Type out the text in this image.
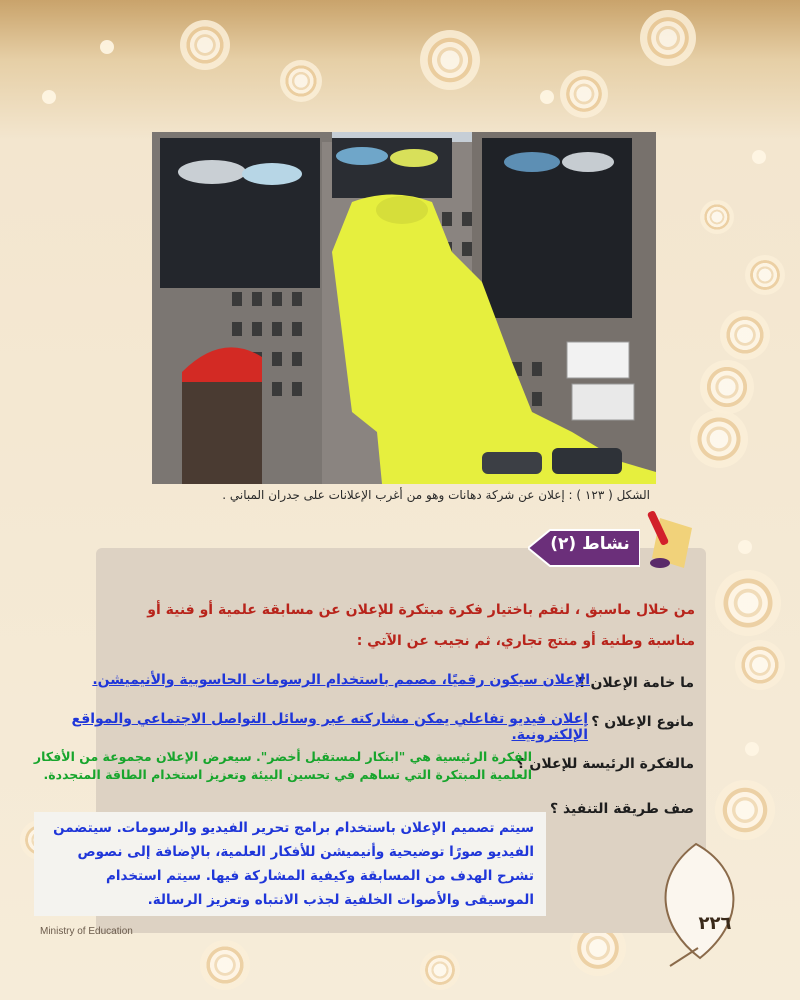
الشكل ( ١٢٣ ) : إعلان عن شركة دهانات وهو من أغرب الإعلانات على جدران المباني .
نشاط (٢)
من خلال ماسبق ، لنقم باختيار فكرة مبتكرة للإعلان عن مسابقة علمية أو فنية أو مناسبة وطنية أو منتج تجاري، ثم نجيب عن الآتي :
ما خامة الإعلان ؟
الإعلان سيكون رقميًا، مصمم باستخدام الرسومات الحاسوبية والأنيميشن.
مانوع الإعلان ؟
إعلان فيديو تفاعلي يمكن مشاركته عبر وسائل التواصل الاجتماعي والمواقع الإلكترونية.
مالفكرة الرئيسة للإعلان ؟
الفكرة الرئيسية هي "ابتكار لمستقبل أخضر". سيعرض الإعلان مجموعة من الأفكار
العلمية المبتكرة التي تساهم في تحسين البيئة وتعزيز استخدام الطاقة المتجددة.
صف طريقة التنفيذ ؟
سيتم تصميم الإعلان باستخدام برامج تحرير الفيديو والرسومات. سيتضمن الفيديو صورًا توضيحية وأنيميشن للأفكار العلمية، بالإضافة إلى نصوص تشرح الهدف من المسابقة وكيفية المشاركة فيها. سيتم استخدام الموسيقى والأصوات الخلفية لجذب الانتباه وتعزيز الرسالة.
٢٢٦
Ministry of Education
